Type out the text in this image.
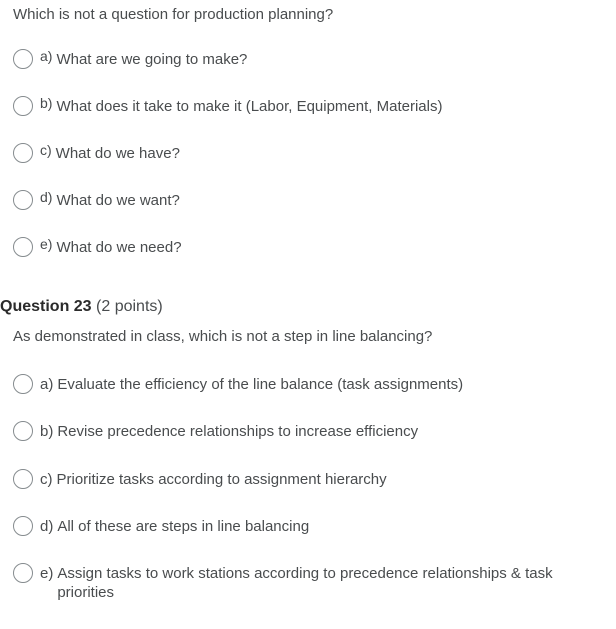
Which is not a question for production planning?

a) What are we going to make?
b) What does it take to make it (Labor, Equipment, Materials)
c) What do we have?
d) What do we want?
e) What do we need?
Question 23 (2 points)

As demonstrated in class, which is not a step in line balancing?

a) Evaluate the efficiency of the line balance (task assignments)
b) Revise precedence relationships to increase efficiency
c) Prioritize tasks according to assignment hierarchy
d) All of these are steps in line balancing
e) Assign tasks to work stations according to precedence relationships & task priorities
